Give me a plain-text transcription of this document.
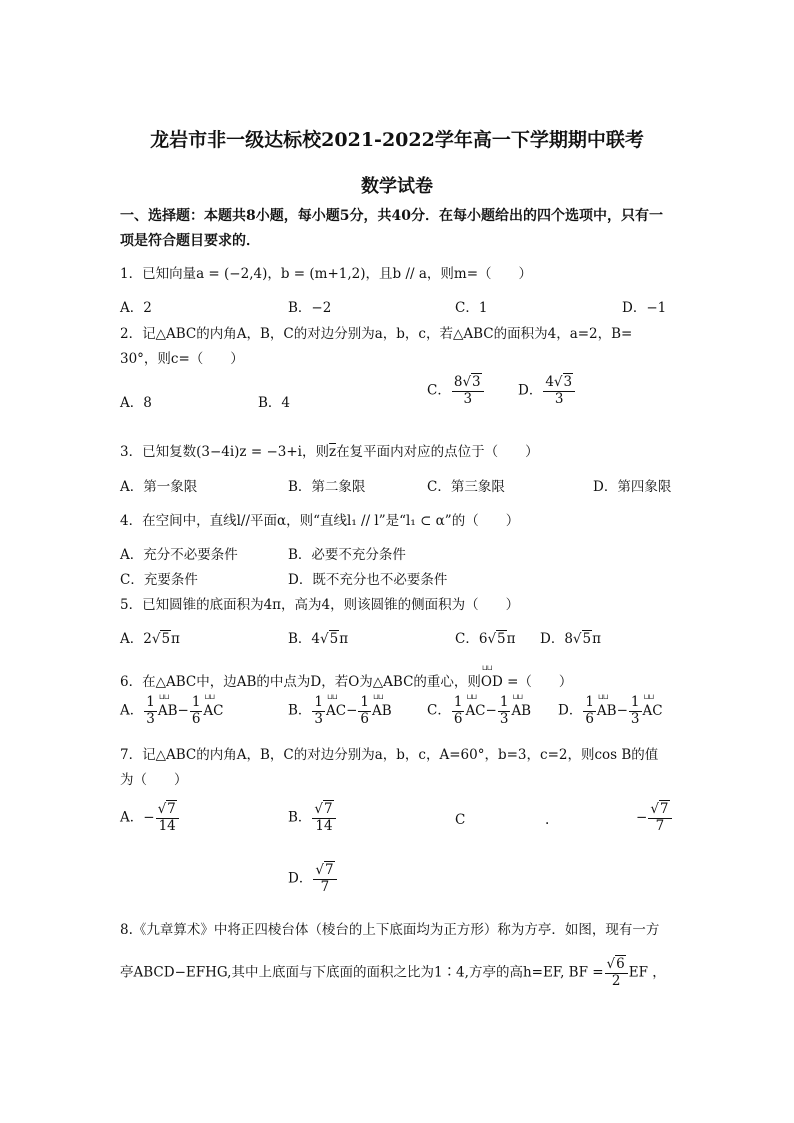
龙岩市非一级达标校2021-2022学年高一下学期期中联考
数学试卷
一、选择题：本题共8小题，每小题5分，共40分．在每小题给出的四个选项中，只有一
项是符合题目要求的．
1．已知向量a = (−2,4)，b = (m+1,2)，且b // a，则m=（　　）
A．2	B．−2	C．1	D．−1
2．记△ABC的内角A，B，C的对边分别为a，b，c，若△ABC的面积为4，a=2，B=
30°，则c=（　　）
A．8	B．4
C． $\frac{8√3}{3}$	D． $\frac{4√3}{3}$
3．已知复数(3−4i)z = −3+i，则z在复平面内对应的点位于（　　）
A．第一象限	B．第二象限	C．第三象限	D．第四象限
4．在空间中，直线l//平面α，则“直线l₁ // l”是“l₁ ⊂ α”的（　　）
A．充分不必要条件	B．必要不充分条件
C．充要条件	D．既不充分也不必要条件
5．已知圆锥的底面积为4π，高为4，则该圆锥的侧面积为（　　）
A．2√5π	B．4√5π	C．6√5π D．8√5π
6．在△ABC中，边AB的中点为D，若O为△ABC的重心，则⊔⊔ OD =（　　）
A． $\frac{1}{3}$ ⊔⊔ $AB- \frac{1}{6}$ ⊔⊔ AC	B． $\frac{1}{3}$ ⊔⊔ $AC- \frac{1}{6}$ ⊔⊔ AB	C． $\frac{1}{6}$ ⊔⊔ $AC- \frac{1}{3}$ ⊔⊔ AB D． $\frac{1}{6}$ ⊔⊔ $AB- \frac{1}{3}$ ⊔⊔ AC
7．记△ABC的内角A，B，C的对边分别为a，b，c，A=60°，b=3，c=2，则cos B的值
为（　　）
A．− $\frac{√7}{14}$	B． $\frac{√7}{14}$	C	.	− $\frac{√7}{7}$
D． $\frac{√7}{7}$
8.《九章算术》中将正四棱台体（棱台的上下底面均为正方形）称为方亭．如图，现有一方
亭ABCD−EFHG,其中上底面与下底面的面积之比为1∶4,方亭的高h=EF, BF = $\frac{√6}{2}$ EF ，
